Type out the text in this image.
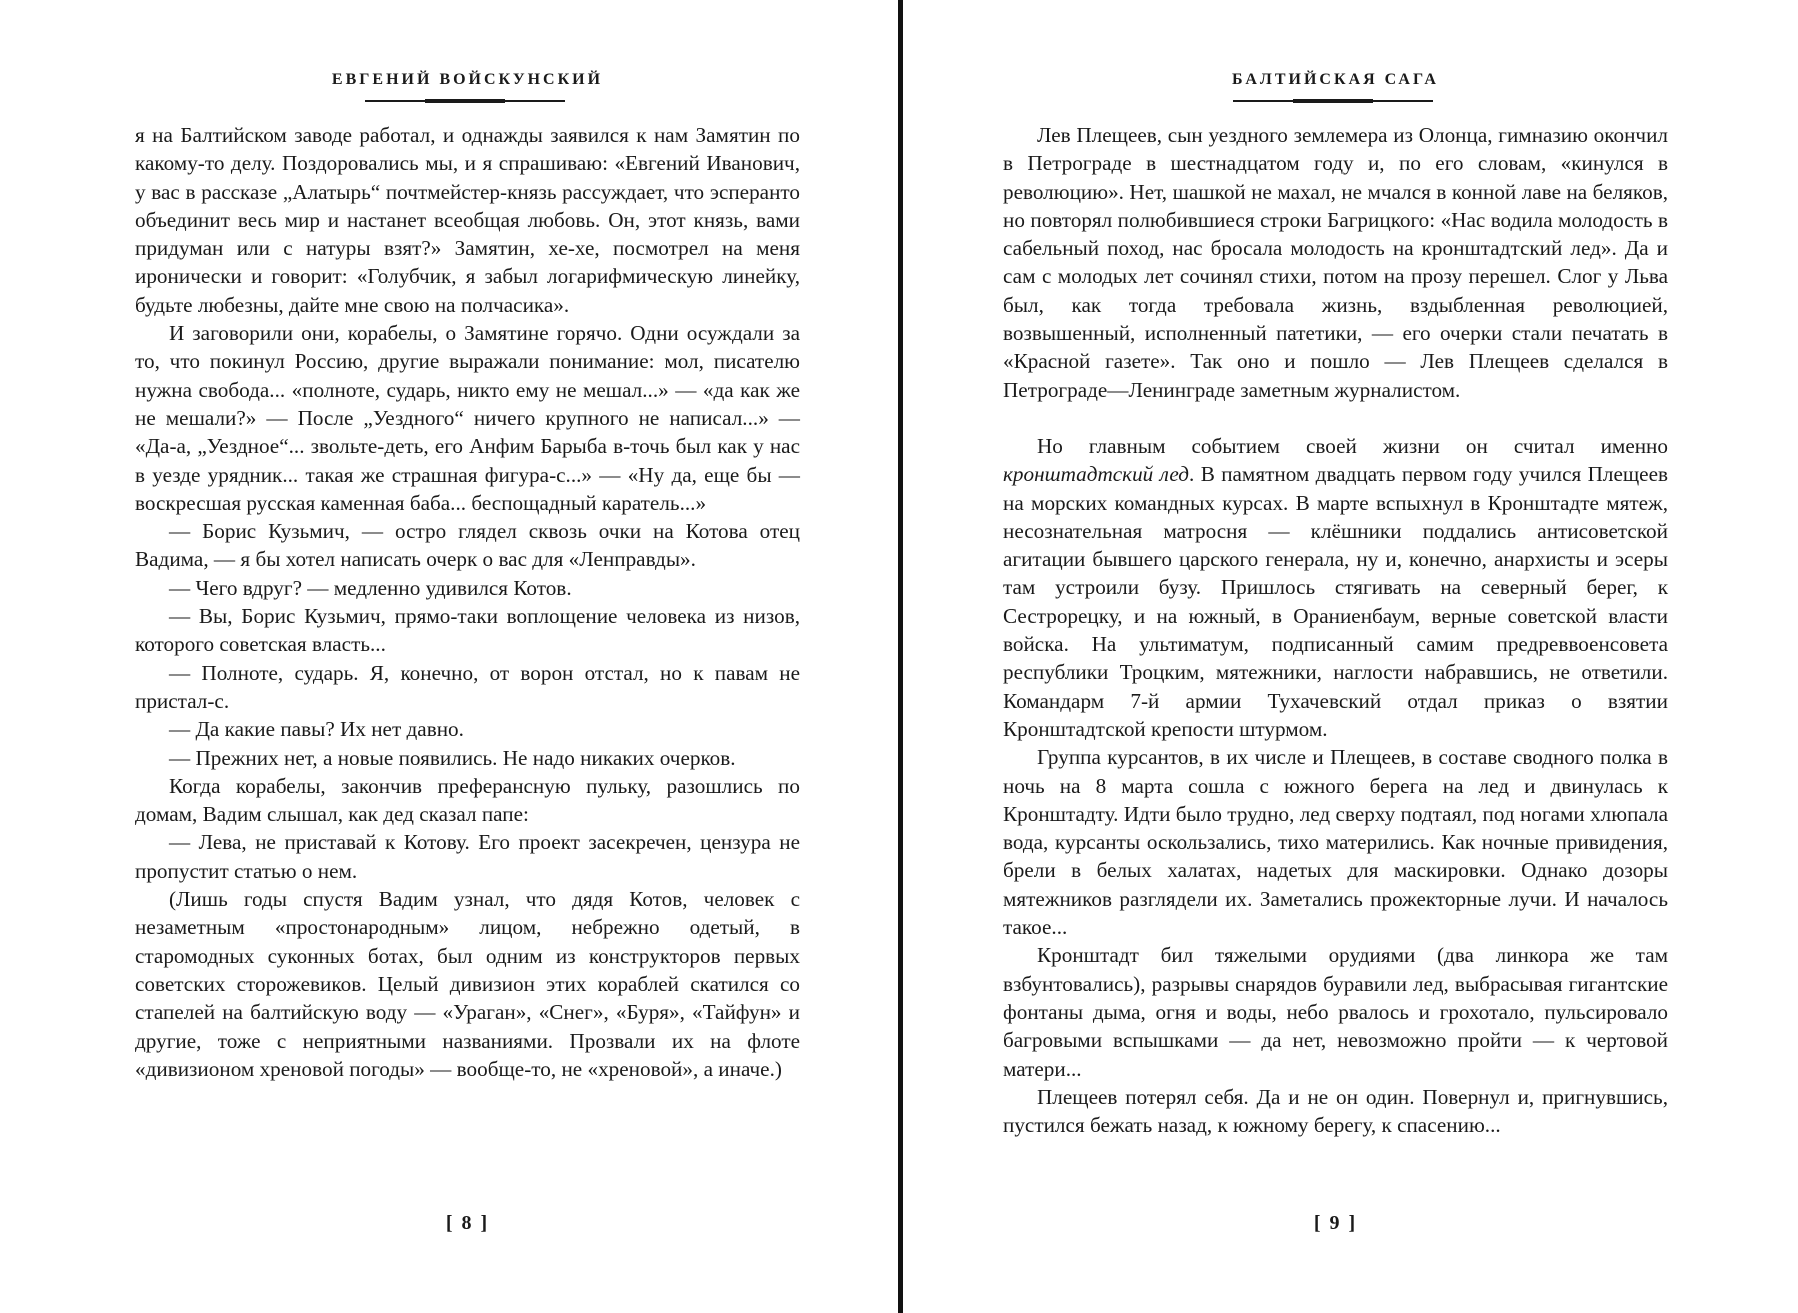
ЕВГЕНИЙ ВОЙСКУНСКИЙ

я на Балтийском заводе работал, и однажды заявился к нам Замятин по какому-то делу. Поздоровались мы, и я спрашиваю: «Евгений Иванович, у вас в рассказе „Алатырь“ почтмейстер-князь рассуждает, что эсперанто объединит весь мир и настанет всеобщая любовь. Он, этот князь, вами придуман или с натуры взят?» Замятин, хе-хе, посмотрел на меня иронически и говорит: «Голубчик, я забыл логарифмическую линейку, будьте любезны, дайте мне свою на полчасика».

И заговорили они, корабелы, о Замятине горячо. Одни осуждали за то, что покинул Россию, другие выражали понимание: мол, писателю нужна свобода... «полноте, сударь, никто ему не мешал...» — «да как же не мешали?» — После „Уездного“ ничего крупного не написал...» — «Да-а, „Уездное“... звольте-деть, его Анфим Барыба в-точь был как у нас в уезде урядник... такая же страшная фигура-с...» — «Ну да, еще бы — воскресшая русская каменная баба... беспощадный каратель...»

— Борис Кузьмич, — остро глядел сквозь очки на Котова отец Вадима, — я бы хотел написать очерк о вас для «Ленправды».

— Чего вдруг? — медленно удивился Котов.

— Вы, Борис Кузьмич, прямо-таки воплощение человека из низов, которого советская власть...

— Полноте, сударь. Я, конечно, от ворон отстал, но к павам не пристал-с.

— Да какие павы? Их нет давно.

— Прежних нет, а новые появились. Не надо никаких очерков.

Когда корабелы, закончив преферансную пульку, разошлись по домам, Вадим слышал, как дед сказал папе:

— Лева, не приставай к Котову. Его проект засекречен, цензура не пропустит статью о нем.

(Лишь годы спустя Вадим узнал, что дядя Котов, человек с незаметным «простонародным» лицом, небрежно одетый, в старомодных суконных ботах, был одним из конструкторов первых советских сторожевиков. Целый дивизион этих кораблей скатился со стапелей на балтийскую воду — «Ураган», «Снег», «Буря», «Тайфун» и другие, тоже с неприятными названиями. Прозвали их на флоте «дивизионом хреновой погоды» — вообще-то, не «хреновой», а иначе.)

[ 8 ]
БАЛТИЙСКАЯ САГА

Лев Плещеев, сын уездного землемера из Олонца, гимназию окончил в Петрограде в шестнадцатом году и, по его словам, «кинулся в революцию». Нет, шашкой не махал, не мчался в конной лаве на беляков, но повторял полюбившиеся строки Багрицкого: «Нас водила молодость в сабельный поход, нас бросала молодость на кронштадтский лед». Да и сам с молодых лет сочинял стихи, потом на прозу перешел. Слог у Льва был, как тогда требовала жизнь, вздыбленная революцией, возвышенный, исполненный патетики, — его очерки стали печатать в «Красной газете». Так оно и пошло — Лев Плещеев сделался в Петрограде—Ленинграде заметным журналистом.

Но главным событием своей жизни он считал именно кронштадтский лед. В памятном двадцать первом году учился Плещеев на морских командных курсах. В марте вспыхнул в Кронштадте мятеж, несознательная матросня — клёшники поддались антисоветской агитации бывшего царского генерала, ну и, конечно, анархисты и эсеры там устроили бузу. Пришлось стягивать на северный берег, к Сестрорецку, и на южный, в Ораниенбаум, верные советской власти войска. На ультиматум, подписанный самим предреввоенсовета республики Троцким, мятежники, наглости набравшись, не ответили. Командарм 7-й армии Тухачевский отдал приказ о взятии Кронштадтской крепости штурмом.

Группа курсантов, в их числе и Плещеев, в составе сводного полка в ночь на 8 марта сошла с южного берега на лед и двинулась к Кронштадту. Идти было трудно, лед сверху подтаял, под ногами хлюпала вода, курсанты оскользались, тихо матерились. Как ночные привидения, брели в белых халатах, надетых для маскировки. Однако дозоры мятежников разглядели их. Заметались прожекторные лучи. И началось такое...

Кронштадт бил тяжелыми орудиями (два линкора же там взбунтовались), разрывы снарядов буравили лед, выбрасывая гигантские фонтаны дыма, огня и воды, небо рвалось и грохотало, пульсировало багровыми вспышками — да нет, невозможно пройти — к чертовой матери...

Плещеев потерял себя. Да и не он один. Повернул и, пригнувшись, пустился бежать назад, к южному берегу, к спасению...

[ 9 ]
